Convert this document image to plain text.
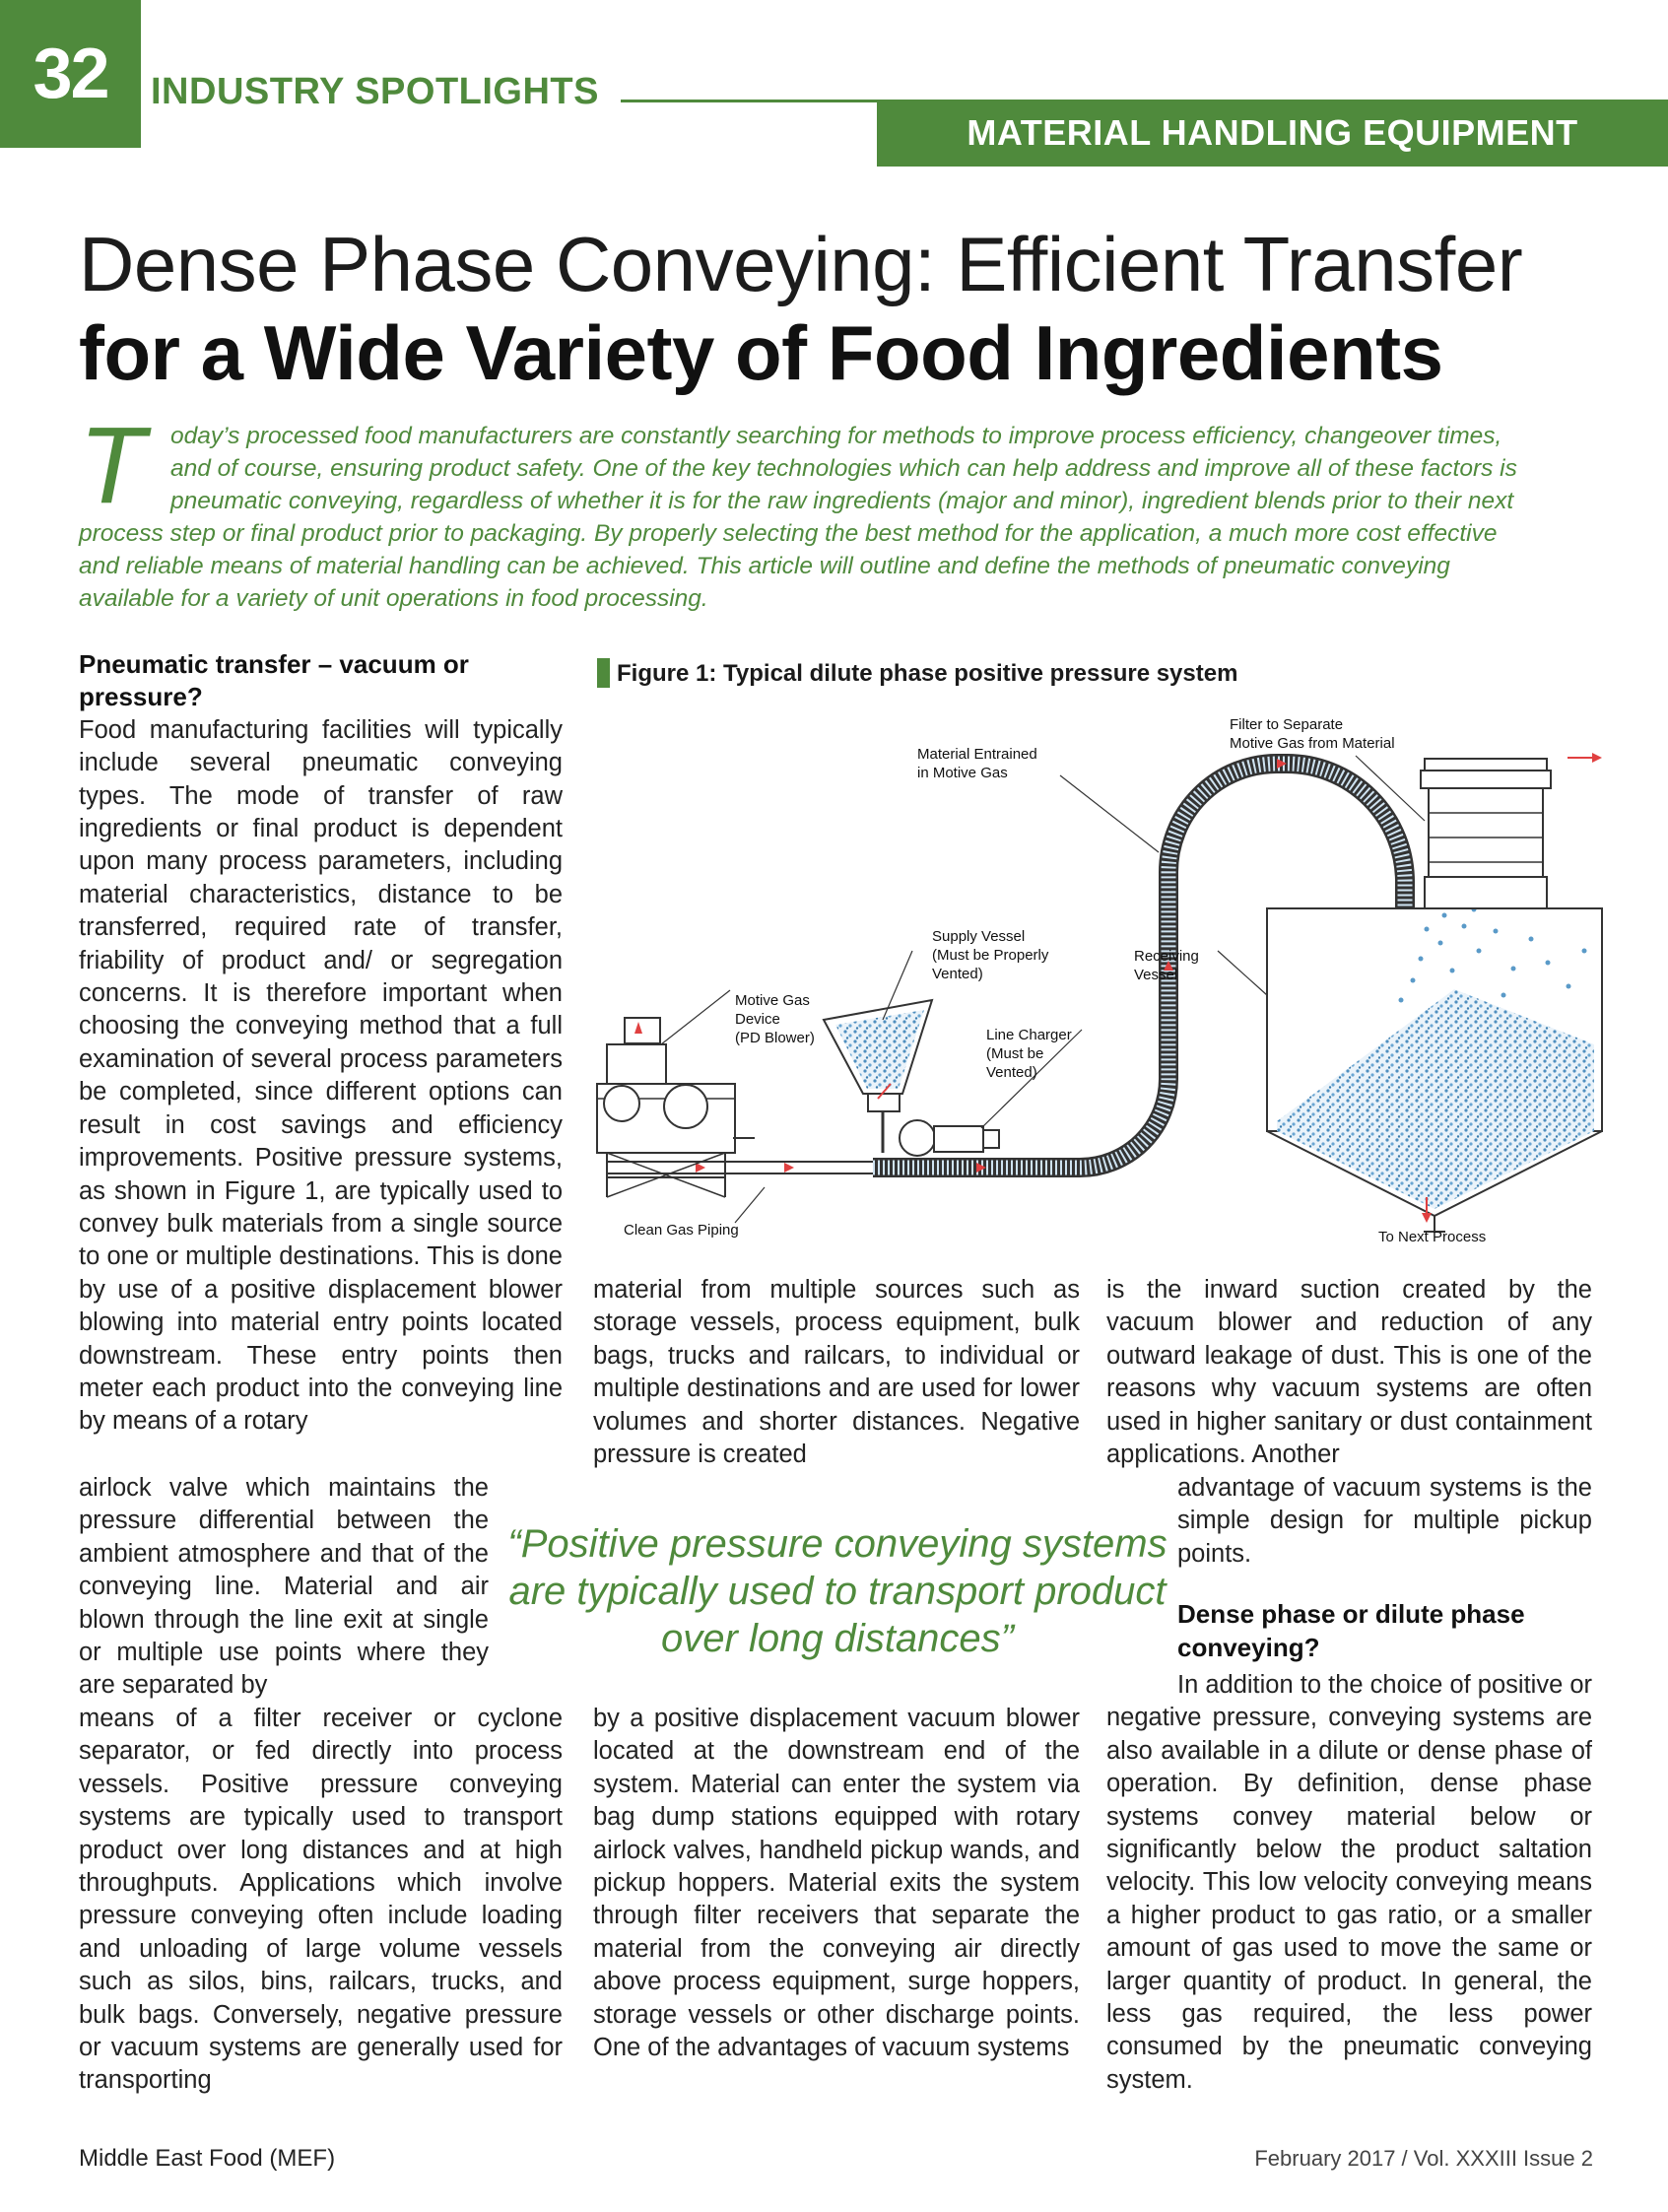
32	INDUSTRY SPOTLIGHTS
MATERIAL HANDLING EQUIPMENT
Dense Phase Conveying: Efficient Transfer
for a Wide Variety of Food Ingredients
T oday’s processed food manufacturers are constantly searching for methods to improve process efficiency, changeover times,
and of course, ensuring product safety. One of the key technologies which can help address and improve all of these factors is
pneumatic conveying, regardless of whether it is for the raw ingredients (major and minor), ingredient blends prior to their next
process step or final product prior to packaging. By properly selecting the best method for the application, a much more cost effective
and reliable means of material handling can be achieved. This article will outline and define the methods of pneumatic conveying
available for a variety of unit operations in food processing.
Figure 1: Typical dilute phase positive pressure system
Filter to Separate
Motive Gas from Material
Material Entrained
in Motive Gas
Supply Vessel
(Must be Properly
Vented)
Receiving
Vessel
Motive Gas
Device
(PD Blower)	Line Charger
(Must be
Vented)
Clean Gas Piping	To Next Process
Pneumatic transfer – vacuum or pressure?

Food manufacturing facilities will typically include several pneumatic conveying types. The mode of transfer of raw ingredients or final product is dependent upon many process parameters, including material characteristics, distance to be transferred, required rate of transfer, friability of product and/ or segregation concerns. It is therefore important when choosing the conveying method that a full examination of several process parameters be completed, since different options can result in cost savings and efficiency improvements. Positive pressure systems, as shown in Figure 1, are typically used to convey bulk materials from a single source to one or multiple destinations. This is done by use of a positive displacement blower blowing into material entry points located downstream. These entry points then meter each product into the conveying line by means of a rotary

airlock valve which maintains the pressure differential between the ambient atmosphere and that of the conveying line. Material and air blown through the line exit at single or multiple use points where they are separated by

means of a filter receiver or cyclone separator, or fed directly into process vessels. Positive pressure conveying systems are typically used to transport product over long distances and at high throughputs. Applications which involve pressure conveying often include loading and unloading of large volume vessels such as silos, bins, railcars, trucks, and bulk bags. Conversely, negative pressure or vacuum systems are generally used for transporting

material from multiple sources such as storage vessels, process equipment, bulk bags, trucks and railcars, to individual or multiple destinations and are used for lower volumes and shorter distances. Negative pressure is created

by a positive displacement vacuum blower located at the downstream end of the system. Material can enter the system via bag dump stations equipped with rotary airlock valves, handheld pickup wands, and pickup hoppers. Material exits the system through filter receivers that separate the material from the conveying air directly above process equipment, surge hoppers, storage vessels or other discharge points. One of the advantages of vacuum systems

is the inward suction created by the vacuum blower and reduction of any outward leakage of dust. This is one of the reasons why vacuum systems are often used in higher sanitary or dust containment applications. Another

advantage of vacuum systems is the simple design for multiple pickup points.

Dense phase or dilute phase conveying?

In addition to the choice of positive or negative pressure, conveying systems are also available in a dilute or dense phase of operation. By definition, dense phase systems convey material below or significantly below the product saltation velocity. This low velocity conveying means a higher product to gas ratio, or a smaller amount of gas used to move the same or larger quantity of product. In general, the less gas required, the less power consumed by the pneumatic conveying system.

“Positive pressure conveying systems are typically used to transport product over long distances”
Middle East Food (MEF)	February 2017 / Vol. XXXIII Issue 2
